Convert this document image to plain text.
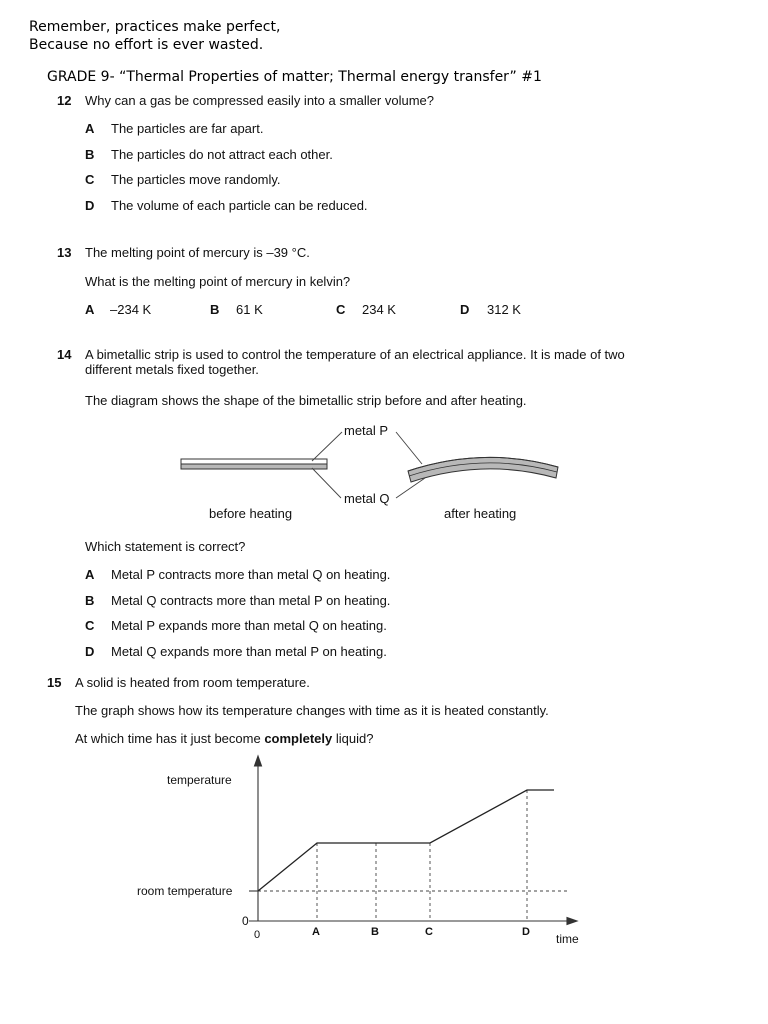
Remember, practices make perfect,
Because no effort is ever wasted.
GRADE 9- “Thermal Properties of matter; Thermal energy transfer” #1
12 Why can a gas be compressed easily into a smaller volume?
A The particles are far apart.
B The particles do not attract each other.
C The particles move randomly.
D The volume of each particle can be reduced.
13 The melting point of mercury is –39 °C.
What is the melting point of mercury in kelvin?
A –234 K	B 61 K	C 234 K	D 312 K
14 A bimetallic strip is used to control the temperature of an electrical appliance. It is made of two
different metals fixed together.
The diagram shows the shape of the bimetallic strip before and after heating.
metal P
metal Q
before heating	after heating
Which statement is correct?
A Metal P contracts more than metal Q on heating.
B Metal Q contracts more than metal P on heating.
C Metal P expands more than metal Q on heating.
D Metal Q expands more than metal P on heating.
15 A solid is heated from room temperature.
The graph shows how its temperature changes with time as it is heated constantly.
At which time has it just become completely liquid?
temperature
room temperature
0
0	A	B	C	D time
